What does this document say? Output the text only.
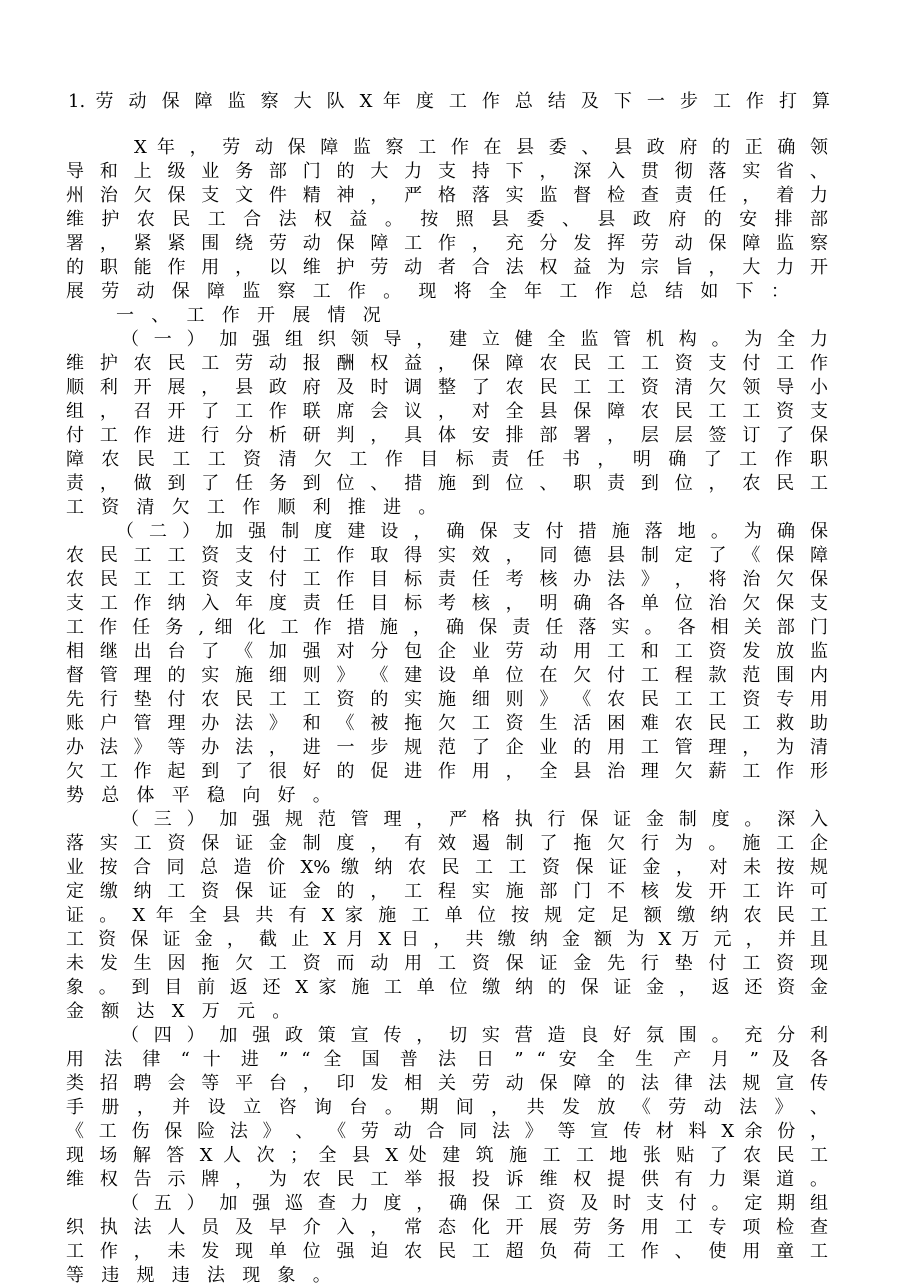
1. 劳 动 保 障 监 察 大 队 X 年 度 工 作 总 结 及 下 一 步 工 作 打 算
X 年 ， 劳 动 保 障 监 察 工 作 在 县 委 、 县 政 府 的 正 确 领
导 和 上 级 业 务 部 门 的 大 力 支 持 下 ， 深 入 贯 彻 落 实 省 、
州 治 欠 保 支 文 件 精 神 ， 严 格 落 实 监 督 检 查 责 任 ， 着 力
维 护 农 民 工 合 法 权 益 。 按 照 县 委 、 县 政 府 的 安 排 部
署 ， 紧 紧 围 绕 劳 动 保 障 工 作 ， 充 分 发 挥 劳 动 保 障 监 察
的 职 能 作 用 ， 以 维 护 劳 动 者 合 法 权 益 为 宗 旨 ， 大 力 开
展 劳 动 保 障 监 察 工 作 。 现 将 全 年 工 作 总 结 如 下 ：
一 、 工 作 开 展 情 况
（ 一 ） 加 强 组 织 领 导 ， 建 立 健 全 监 管 机 构 。 为 全 力
维 护 农 民 工 劳 动 报 酬 权 益 ， 保 障 农 民 工 工 资 支 付 工 作
顺 利 开 展 ， 县 政 府 及 时 调 整 了 农 民 工 工 资 清 欠 领 导 小
组 ， 召 开 了 工 作 联 席 会 议 ， 对 全 县 保 障 农 民 工 工 资 支
付 工 作 进 行 分 析 研 判 ， 具 体 安 排 部 署 ， 层 层 签 订 了 保
障 农 民 工 工 资 清 欠 工 作 目 标 责 任 书 ， 明 确 了 工 作 职
责 ， 做 到 了 任 务 到 位 、 措 施 到 位 、 职 责 到 位 ， 农 民 工
工 资 清 欠 工 作 顺 利 推 进 。
（ 二 ） 加 强 制 度 建 设 ， 确 保 支 付 措 施 落 地 。 为 确 保
农 民 工 工 资 支 付 工 作 取 得 实 效 ， 同 德 县 制 定 了 《 保 障
农 民 工 工 资 支 付 工 作 目 标 责 任 考 核 办 法 》 ， 将 治 欠 保
支 工 作 纳 入 年 度 责 任 目 标 考 核 ， 明 确 各 单 位 治 欠 保 支
工 作 任 务 , 细 化 工 作 措 施 ， 确 保 责 任 落 实 。 各 相 关 部 门
相 继 出 台 了 《 加 强 对 分 包 企 业 劳 动 用 工 和 工 资 发 放 监
督 管 理 的 实 施 细 则 》 《 建 设 单 位 在 欠 付 工 程 款 范 围 内
先 行 垫 付 农 民 工 工 资 的 实 施 细 则 》 《 农 民 工 工 资 专 用
账 户 管 理 办 法 》 和 《 被 拖 欠 工 资 生 活 困 难 农 民 工 救 助
办 法 》 等 办 法 ， 进 一 步 规 范 了 企 业 的 用 工 管 理 ， 为 清
欠 工 作 起 到 了 很 好 的 促 进 作 用 ， 全 县 治 理 欠 薪 工 作 形
势 总 体 平 稳 向 好 。
（ 三 ） 加 强 规 范 管 理 ， 严 格 执 行 保 证 金 制 度 。 深 入
落 实 工 资 保 证 金 制 度 ， 有 效 遏 制 了 拖 欠 行 为 。 施 工 企
业 按 合 同 总 造 价 X% 缴 纳 农 民 工 工 资 保 证 金 ， 对 未 按 规
定 缴 纳 工 资 保 证 金 的 ， 工 程 实 施 部 门 不 核 发 开 工 许 可
证 。 X 年 全 县 共 有 X 家 施 工 单 位 按 规 定 足 额 缴 纳 农 民 工
工 资 保 证 金 ， 截 止 X 月 X 日 ， 共 缴 纳 金 额 为 X 万 元 ， 并 且
未 发 生 因 拖 欠 工 资 而 动 用 工 资 保 证 金 先 行 垫 付 工 资 现
象 。 到 目 前 返 还 X 家 施 工 单 位 缴 纳 的 保 证 金 ， 返 还 资 金
金 额 达 X 万 元 。
（ 四 ） 加 强 政 策 宣 传 ， 切 实 营 造 良 好 氛 围 。 充 分 利
用 法 律 “ 十 进 ” “ 全 国 普 法 日 ” “ 安 全 生 产 月 ” 及 各
类 招 聘 会 等 平 台 ， 印 发 相 关 劳 动 保 障 的 法 律 法 规 宣 传
手 册 ， 并 设 立 咨 询 台 。 期 间 ， 共 发 放 《 劳 动 法 》 、
《 工 伤 保 险 法 》 、 《 劳 动 合 同 法 》 等 宣 传 材 料 X 余 份 ，
现 场 解 答 X 人 次 ； 全 县 X 处 建 筑 施 工 工 地 张 贴 了 农 民 工
维 权 告 示 牌 ， 为 农 民 工 举 报 投 诉 维 权 提 供 有 力 渠 道 。
（ 五 ） 加 强 巡 查 力 度 ， 确 保 工 资 及 时 支 付 。 定 期 组
织 执 法 人 员 及 早 介 入 ， 常 态 化 开 展 劳 务 用 工 专 项 检 查
工 作 ， 未 发 现 单 位 强 迫 农 民 工 超 负 荷 工 作 、 使 用 童 工
等 违 规 违 法 现 象 。
